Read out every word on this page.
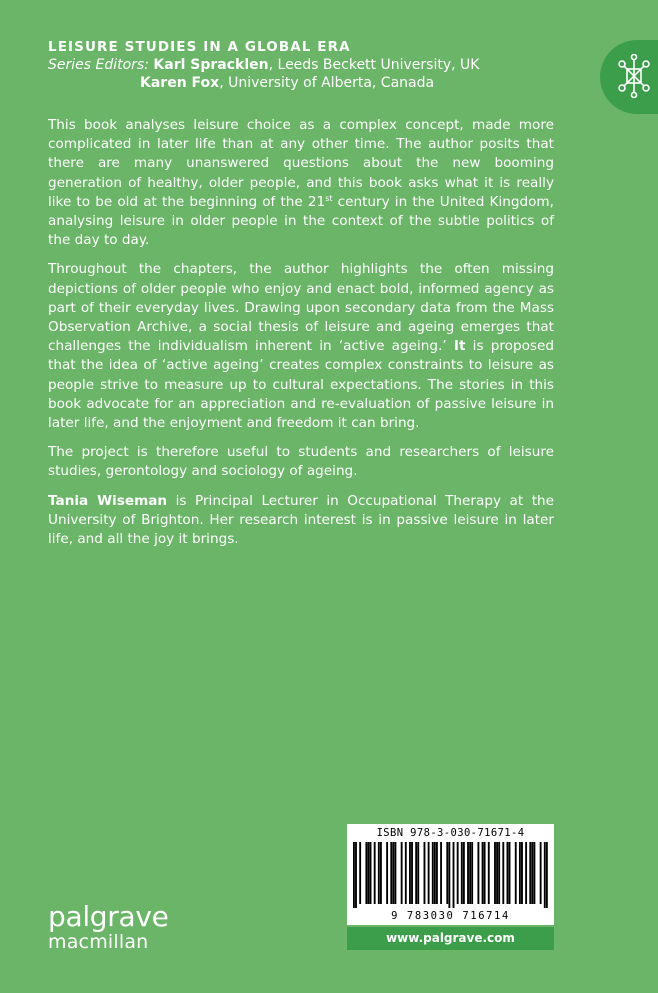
LEISURE STUDIES IN A GLOBAL ERA
Series Editors: Karl Spracklen, Leeds Beckett University, UK
Karen Fox, University of Alberta, Canada

This book analyses leisure choice as a complex concept, made more complicated in later life than at any other time. The author posits that there are many unanswered questions about the new booming generation of healthy, older people, and this book asks what it is really like to be old at the beginning of the 21st century in the United Kingdom, analysing leisure in older people in the context of the subtle politics of the day to day.

Throughout the chapters, the author highlights the often missing depictions of older people who enjoy and enact bold, informed agency as part of their everyday lives. Drawing upon secondary data from the Mass Observation Archive, a social thesis of leisure and ageing emerges that challenges the individualism inherent in ‘active ageing.’ It is proposed that the idea of ‘active ageing’ creates complex constraints to leisure as people strive to measure up to cultural expectations. The stories in this book advocate for an appreciation and re-evaluation of passive leisure in later life, and the enjoyment and freedom it can bring.

The project is therefore useful to students and researchers of leisure studies, gerontology and sociology of ageing.

Tania Wiseman is Principal Lecturer in Occupational Therapy at the University of Brighton. Her research interest is in passive leisure in later life, and all the joy it brings.

ISBN 978-3-030-71671-4
9 783030 716714
www.palgrave.com
palgrave
macmillan
